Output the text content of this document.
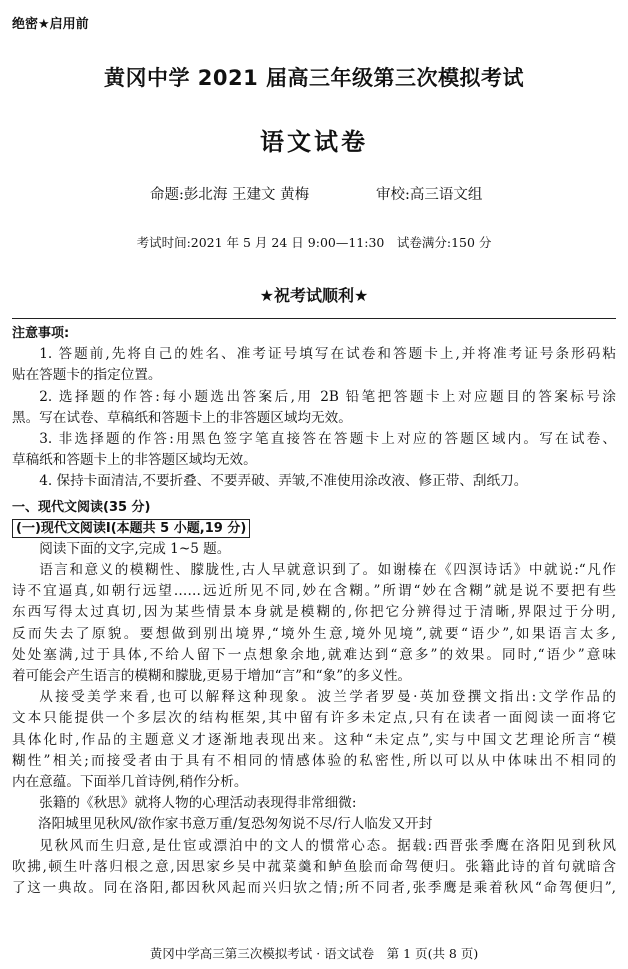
绝密★启用前
黄冈中学 2021 届高三年级第三次模拟考试
语文试卷
命题:彭北海 王建文 黄梅	审校:高三语文组
考试时间:2021 年 5 月 24 日 9:00—11:30　试卷满分:150 分
★祝考试顺利★
注意事项:
1. 答题前,先将自己的姓名、准考证号填写在试卷和答题卡上,并将准考证号条形码粘
贴在答题卡的指定位置。
2. 选择题的作答:每小题选出答案后,用 2B 铅笔把答题卡上对应题目的答案标号涂
黑。写在试卷、草稿纸和答题卡上的非答题区域均无效。
3. 非选择题的作答:用黑色签字笔直接答在答题卡上对应的答题区域内。写在试卷、
草稿纸和答题卡上的非答题区域均无效。
4. 保持卡面清洁,不要折叠、不要弄破、弄皱,不准使用涂改液、修正带、刮纸刀。
一、现代文阅读(35 分)
(一)现代文阅读Ⅰ(本题共 5 小题,19 分)
阅读下面的文字,完成 1~5 题。
语言和意义的模糊性、朦胧性,古人早就意识到了。如谢榛在《四溟诗话》中就说:“凡作
诗不宜逼真,如朝行远望……远近所见不同,妙在含糊。”所谓“妙在含糊”就是说不要把有些
东西写得太过真切,因为某些情景本身就是模糊的,你把它分辨得过于清晰,界限过于分明,
反而失去了原貌。要想做到别出境界,“境外生意,境外见境”,就要“语少”,如果语言太多,
处处塞满,过于具体,不给人留下一点想象余地,就难达到“意多”的效果。同时,“语少”意味
着可能会产生语言的模糊和朦胧,更易于增加“言”和“象”的多义性。
从接受美学来看,也可以解释这种现象。波兰学者罗曼·英加登撰文指出:文学作品的
文本只能提供一个多层次的结构框架,其中留有许多未定点,只有在读者一面阅读一面将它
具体化时,作品的主题意义才逐渐地表现出来。这种“未定点”,实与中国文艺理论所言“模
糊性”相关;而接受者由于具有不相同的情感体验的私密性,所以可以从中体味出不相同的
内在意蕴。下面举几首诗例,稍作分析。
张籍的《秋思》就将人物的心理活动表现得非常细微:
洛阳城里见秋风/欲作家书意万重/复恐匆匆说不尽/行人临发又开封
见秋风而生归意,是仕宦或漂泊中的文人的惯常心态。据载:西晋张季鹰在洛阳见到秋风
吹拂,顿生叶落归根之意,因思家乡吴中菰菜羹和鲈鱼脍而命驾便归。张籍此诗的首句就暗含
了这一典故。同在洛阳,都因秋风起而兴归欤之情;所不同者,张季鹰是乘着秋风“命驾便归”,
黄冈中学高三第三次模拟考试 · 语文试卷　第 1 页(共 8 页)
